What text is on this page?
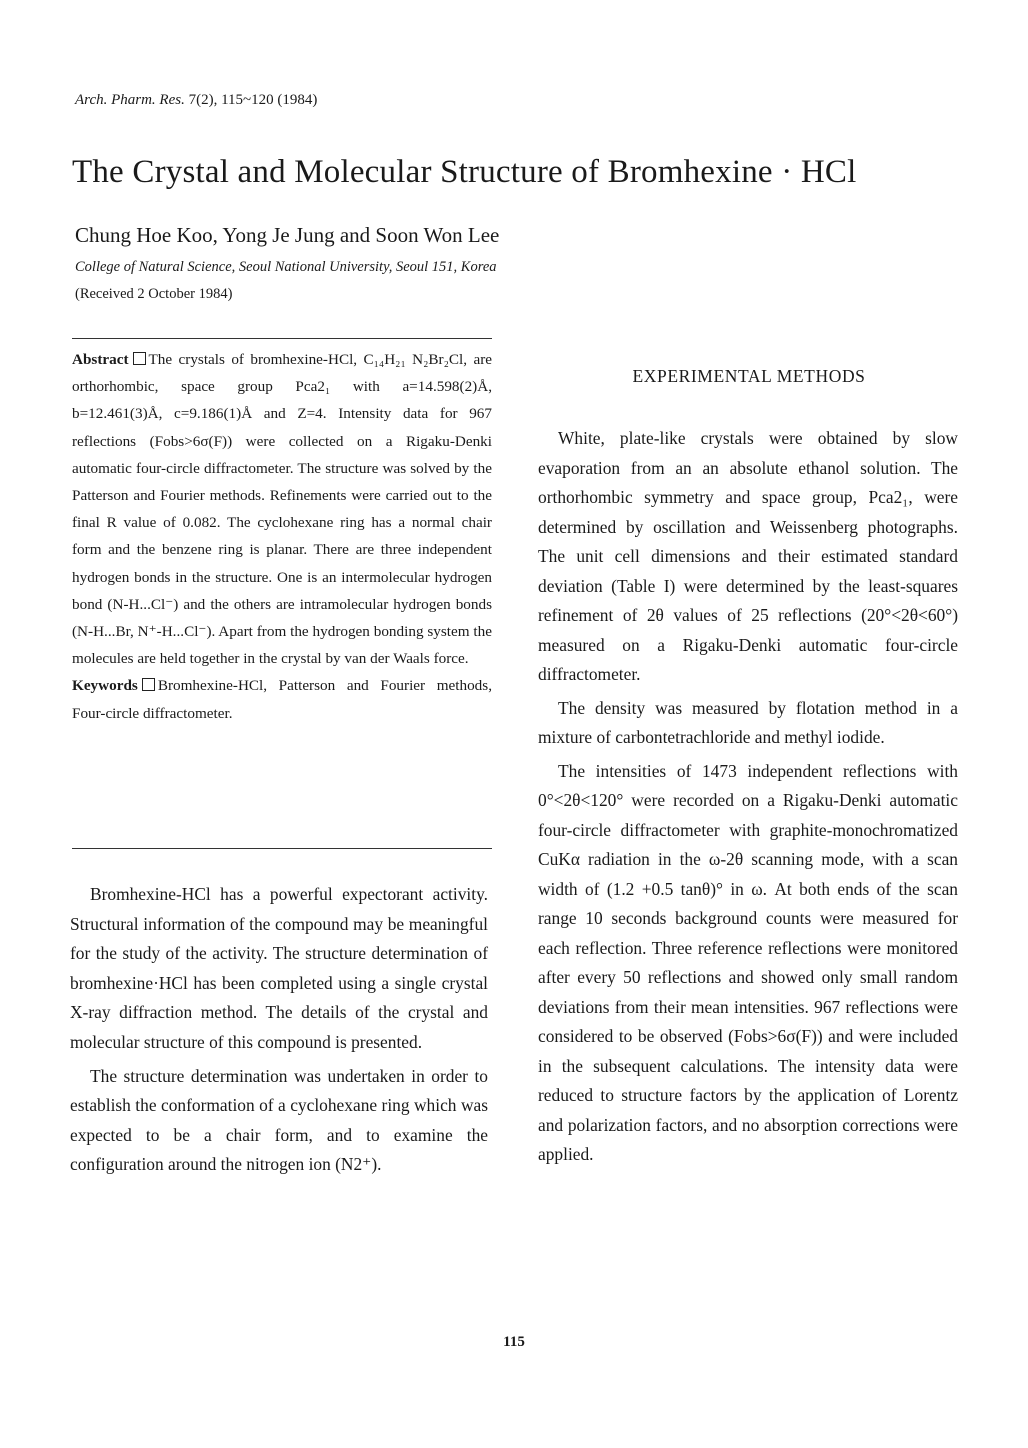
Arch. Pharm. Res. 7(2), 115~120 (1984)
The Crystal and Molecular Structure of Bromhexine · HCl
Chung Hoe Koo, Yong Je Jung and Soon Won Lee
College of Natural Science, Seoul National University, Seoul 151, Korea
(Received 2 October 1984)

Abstract The crystals of bromhexine-HCl, C₁₄H₂₁ N₂Br₂Cl, are orthorhombic, space group Pca2₁ with a=14.598(2)Å, b=12.461(3)Å, c=9.186(1)Å and Z=4. Intensity data for 967 reflections (Fobs>6σ(F)) were collected on a Rigaku-Denki automatic four-circle diffractometer. The structure was solved by the Patterson and Fourier methods. Refinements were carried out to the final R value of 0.082. The cyclohexane ring has a normal chair form and the benzene ring is planar. There are three independent hydrogen bonds in the structure. One is an intermolecular hydrogen bond (N-H...Cl⁻) and the others are intramolecular hydrogen bonds (N-H...Br, N⁺-H...Cl⁻). Apart from the hydrogen bonding system the molecules are held together in the crystal by van der Waals force.

Keywords Bromhexine-HCl, Patterson and Fourier methods, Four-circle diffractometer.

Bromhexine-HCl has a powerful expectorant activity. Structural information of the compound may be meaningful for the study of the activity. The structure determination of bromhexine·HCl has been completed using a single crystal X-ray diffraction method. The details of the crystal and molecular structure of this compound is presented.

The structure determination was undertaken in order to establish the conformation of a cyclohexane ring which was expected to be a chair form, and to examine the configuration around the nitrogen ion (N2⁺).

EXPERIMENTAL METHODS

White, plate-like crystals were obtained by slow evaporation from an an absolute ethanol solution. The orthorhombic symmetry and space group, Pca2₁, were determined by oscillation and Weissenberg photographs. The unit cell dimensions and their estimated standard deviation (Table I) were determined by the least-squares refinement of 2θ values of 25 reflections (20°<2θ<60°) measured on a Rigaku-Denki automatic four-circle diffractometer.

The density was measured by flotation method in a mixture of carbontetrachloride and methyl iodide.

The intensities of 1473 independent reflections with 0°<2θ<120° were recorded on a Rigaku-Denki automatic four-circle diffractometer with graphite-monochromatized CuKα radiation in the ω-2θ scanning mode, with a scan width of (1.2 +0.5 tanθ)° in ω. At both ends of the scan range 10 seconds background counts were measured for each reflection. Three reference reflections were monitored after every 50 reflections and showed only small random deviations from their mean intensities. 967 reflections were considered to be observed (Fobs>6σ(F)) and were included in the subsequent calculations. The intensity data were reduced to structure factors by the application of Lorentz and polarization factors, and no absorption corrections were applied.

115
